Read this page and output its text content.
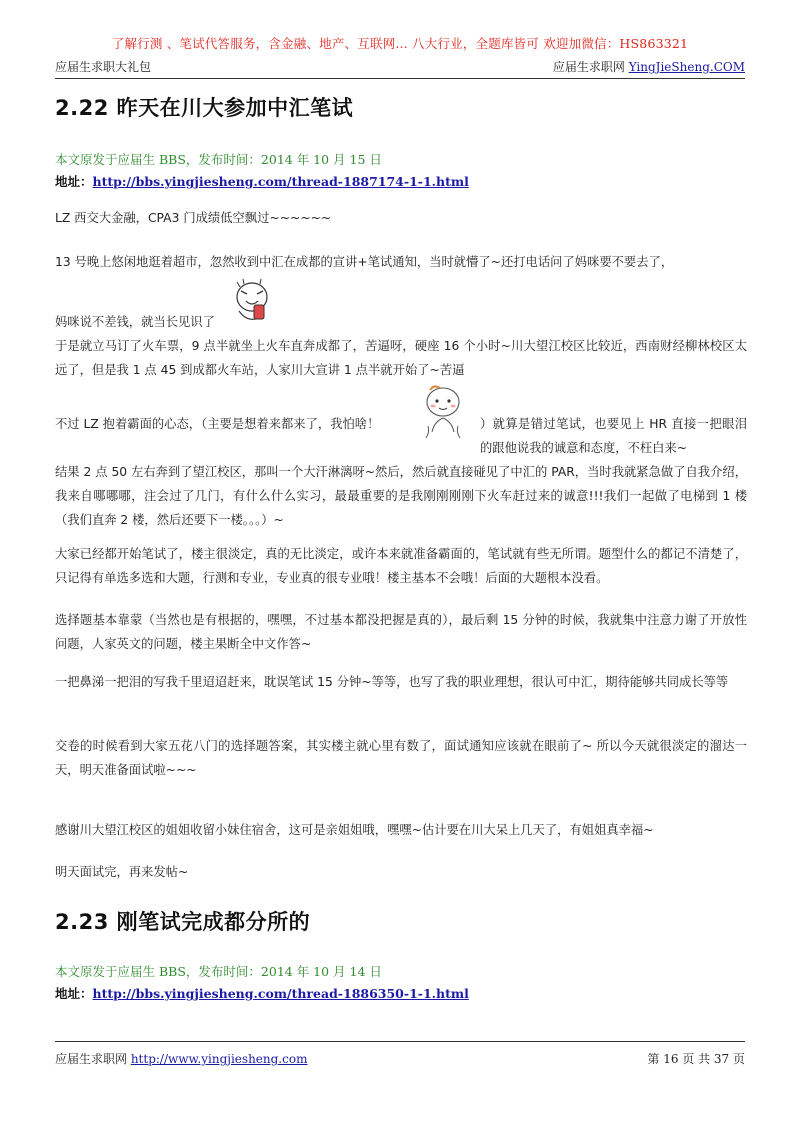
了解行测 、笔试代答服务，含金融、地产、互联网... 八大行业，全题库皆可 欢迎加微信：HS863321
应届生求职大礼包	应届生求职网 YingJieSheng.COM
2.22 昨天在川大参加中汇笔试
本文原发于应届生 BBS，发布时间：2014 年 10 月 15 日
地址：http://bbs.yingjiesheng.com/thread-1887174-1-1.html
LZ 西交大金融，CPA3 门成绩低空飘过~~~~~~
13 号晚上悠闲地逛着超市，忽然收到中汇在成都的宣讲+笔试通知，当时就懵了~还打电话问了妈咪要不要去了，
妈咪说不差钱，就当长见识了
于是就立马订了火车票，9 点半就坐上火车直奔成都了，苦逼呀，硬座 16 个小时~川大望江校区比较近，西南财经柳林校区太远了，但是我 1 点 45 到成都火车站，人家川大宣讲 1 点半就开始了~苦逼
不过 LZ 抱着霸面的心态，（主要是想着来都来了，我怕啥！	）就算是错过笔试，也要见上 HR 直接一把眼泪的跟他说我的诚意和态度，不枉白来~
结果 2 点 50 左右奔到了望江校区，那叫一个大汗淋漓呀~然后，然后就直接碰见了中汇的 PAR，当时我就紧急做了自我介绍，我来自哪哪哪，注会过了几门，有什么什么实习，最最重要的是我刚刚刚刚下火车赶过来的诚意!!!我们一起做了电梯到 1 楼（我们直奔 2 楼，然后还要下一楼。。。）~
大家已经都开始笔试了，楼主很淡定，真的无比淡定，或许本来就准备霸面的，笔试就有些无所谓。题型什么的都记不清楚了，只记得有单选多选和大题，行测和专业，专业真的很专业哦！楼主基本不会哦！后面的大题根本没看。
选择题基本靠蒙（当然也是有根据的，嘿嘿，不过基本都没把握是真的），最后剩 15 分钟的时候，我就集中注意力谢了开放性问题，人家英文的问题，楼主果断全中文作答~
一把鼻涕一把泪的写我千里迢迢赶来，耽误笔试 15 分钟~等等，也写了我的职业理想，很认可中汇，期待能够共同成长等等
交卷的时候看到大家五花八门的选择题答案，其实楼主就心里有数了，面试通知应该就在眼前了~ 所以今天就很淡定的溜达一天，明天准备面试啦~~~
感谢川大望江校区的姐姐收留小妹住宿舍，这可是亲姐姐哦，嘿嘿~估计要在川大呆上几天了，有姐姐真幸福~
明天面试完，再来发帖~
2.23 刚笔试完成都分所的
本文原发于应届生 BBS，发布时间：2014 年 10 月 14 日
地址：http://bbs.yingjiesheng.com/thread-1886350-1-1.html
应届生求职网 http://www.yingjiesheng.com	第 16 页 共 37 页
